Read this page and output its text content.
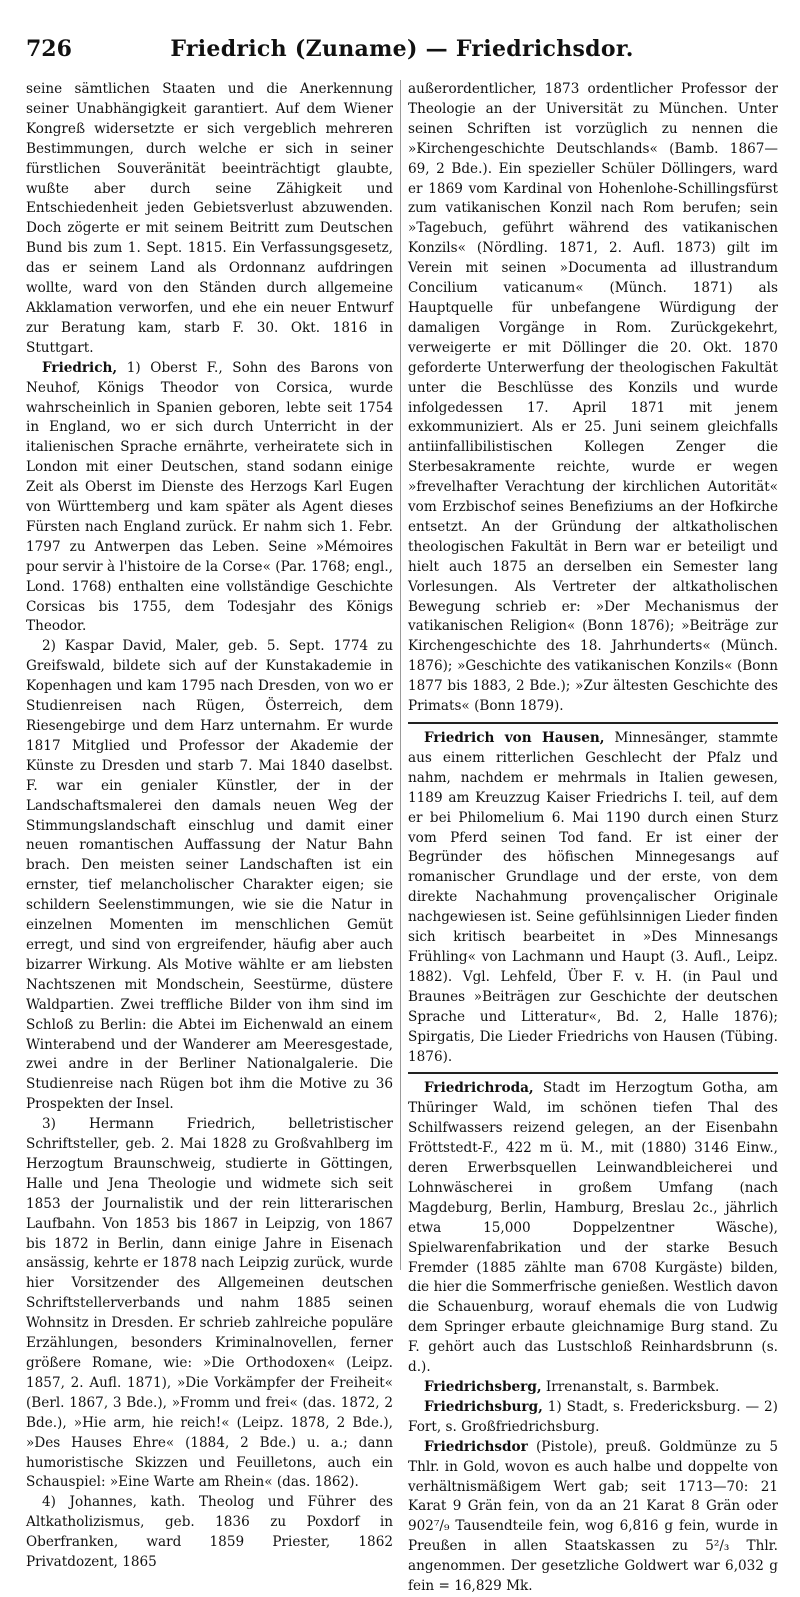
726	Friedrich (Zuname) — Friedrichsdor.

seine sämtlichen Staaten und die Anerkennung seiner Unabhängigkeit garantiert. Auf dem Wiener Kongreß widersetzte er sich vergeblich mehreren Bestimmungen, durch welche er sich in seiner fürstlichen Souveränität beeinträchtigt glaubte, wußte aber durch seine Zähigkeit und Entschiedenheit jeden Gebietsverlust abzuwenden. Doch zögerte er mit seinem Beitritt zum Deutschen Bund bis zum 1. Sept. 1815. Ein Verfassungsgesetz, das er seinem Land als Ordonnanz aufdringen wollte, ward von den Ständen durch allgemeine Akklamation verworfen, und ehe ein neuer Entwurf zur Beratung kam, starb F. 30. Okt. 1816 in Stuttgart.

Friedrich, 1) Oberst F., Sohn des Barons von Neuhof, Königs Theodor von Corsica, wurde wahrscheinlich in Spanien geboren, lebte seit 1754 in England, wo er sich durch Unterricht in der italienischen Sprache ernährte, verheiratete sich in London mit einer Deutschen, stand sodann einige Zeit als Oberst im Dienste des Herzogs Karl Eugen von Württemberg und kam später als Agent dieses Fürsten nach England zurück. Er nahm sich 1. Febr. 1797 zu Antwerpen das Leben. Seine »Mémoires pour servir à l'histoire de la Corse« (Par. 1768; engl., Lond. 1768) enthalten eine vollständige Geschichte Corsicas bis 1755, dem Todesjahr des Königs Theodor.

2) Kaspar David, Maler, geb. 5. Sept. 1774 zu Greifswald, bildete sich auf der Kunstakademie in Kopenhagen und kam 1795 nach Dresden, von wo er Studienreisen nach Rügen, Österreich, dem Riesengebirge und dem Harz unternahm. Er wurde 1817 Mitglied und Professor der Akademie der Künste zu Dresden und starb 7. Mai 1840 daselbst. F. war ein genialer Künstler, der in der Landschaftsmalerei den damals neuen Weg der Stimmungslandschaft einschlug und damit einer neuen romantischen Auffassung der Natur Bahn brach. Den meisten seiner Landschaften ist ein ernster, tief melancholischer Charakter eigen; sie schildern Seelenstimmungen, wie sie die Natur in einzelnen Momenten im menschlichen Gemüt erregt, und sind von ergreifender, häufig aber auch bizarrer Wirkung. Als Motive wählte er am liebsten Nachtszenen mit Mondschein, Seestürme, düstere Waldpartien. Zwei treffliche Bilder von ihm sind im Schloß zu Berlin: die Abtei im Eichenwald an einem Winterabend und der Wanderer am Meeresgestade, zwei andre in der Berliner Nationalgalerie. Die Studienreise nach Rügen bot ihm die Motive zu 36 Prospekten der Insel.

3) Hermann Friedrich, belletristischer Schriftsteller, geb. 2. Mai 1828 zu Großvahlberg im Herzogtum Braunschweig, studierte in Göttingen, Halle und Jena Theologie und widmete sich seit 1853 der Journalistik und der rein litterarischen Laufbahn. Von 1853 bis 1867 in Leipzig, von 1867 bis 1872 in Berlin, dann einige Jahre in Eisenach ansässig, kehrte er 1878 nach Leipzig zurück, wurde hier Vorsitzender des Allgemeinen deutschen Schriftstellerverbands und nahm 1885 seinen Wohnsitz in Dresden. Er schrieb zahlreiche populäre Erzählungen, besonders Kriminalnovellen, ferner größere Romane, wie: »Die Orthodoxen« (Leipz. 1857, 2. Aufl. 1871), »Die Vorkämpfer der Freiheit« (Berl. 1867, 3 Bde.), »Fromm und frei« (das. 1872, 2 Bde.), »Hie arm, hie reich!« (Leipz. 1878, 2 Bde.), »Des Hauses Ehre« (1884, 2 Bde.) u. a.; dann humoristische Skizzen und Feuilletons, auch ein Schauspiel: »Eine Warte am Rhein« (das. 1862).

4) Johannes, kath. Theolog und Führer des Altkatholizismus, geb. 1836 zu Poxdorf in Oberfranken, ward 1859 Priester, 1862 Privatdozent, 1865

außerordentlicher, 1873 ordentlicher Professor der Theologie an der Universität zu München. Unter seinen Schriften ist vorzüglich zu nennen die »Kirchengeschichte Deutschlands« (Bamb. 1867—69, 2 Bde.). Ein spezieller Schüler Döllingers, ward er 1869 vom Kardinal von Hohenlohe-Schillingsfürst zum vatikanischen Konzil nach Rom berufen; sein »Tagebuch, geführt während des vatikanischen Konzils« (Nördling. 1871, 2. Aufl. 1873) gilt im Verein mit seinen »Documenta ad illustrandum Concilium vaticanum« (Münch. 1871) als Hauptquelle für unbefangene Würdigung der damaligen Vorgänge in Rom. Zurückgekehrt, verweigerte er mit Döllinger die 20. Okt. 1870 geforderte Unterwerfung der theologischen Fakultät unter die Beschlüsse des Konzils und wurde infolgedessen 17. April 1871 mit jenem exkommuniziert. Als er 25. Juni seinem gleichfalls antiinfallibilistischen Kollegen Zenger die Sterbesakramente reichte, wurde er wegen »frevelhafter Verachtung der kirchlichen Autorität« vom Erzbischof seines Benefiziums an der Hofkirche entsetzt. An der Gründung der altkatholischen theologischen Fakultät in Bern war er beteiligt und hielt auch 1875 an derselben ein Semester lang Vorlesungen. Als Vertreter der altkatholischen Bewegung schrieb er: »Der Mechanismus der vatikanischen Religion« (Bonn 1876); »Beiträge zur Kirchengeschichte des 18. Jahrhunderts« (Münch. 1876); »Geschichte des vatikanischen Konzils« (Bonn 1877 bis 1883, 2 Bde.); »Zur ältesten Geschichte des Primats« (Bonn 1879).

Friedrich von Hausen, Minnesänger, stammte aus einem ritterlichen Geschlecht der Pfalz und nahm, nachdem er mehrmals in Italien gewesen, 1189 am Kreuzzug Kaiser Friedrichs I. teil, auf dem er bei Philomelium 6. Mai 1190 durch einen Sturz vom Pferd seinen Tod fand. Er ist einer der Begründer des höfischen Minnegesangs auf romanischer Grundlage und der erste, von dem direkte Nachahmung provençalischer Originale nachgewiesen ist. Seine gefühlsinnigen Lieder finden sich kritisch bearbeitet in »Des Minnesangs Frühling« von Lachmann und Haupt (3. Aufl., Leipz. 1882). Vgl. Lehfeld, Über F. v. H. (in Paul und Braunes »Beiträgen zur Geschichte der deutschen Sprache und Litteratur«, Bd. 2, Halle 1876); Spirgatis, Die Lieder Friedrichs von Hausen (Tübing. 1876).

Friedrichroda, Stadt im Herzogtum Gotha, am Thüringer Wald, im schönen tiefen Thal des Schilfwassers reizend gelegen, an der Eisenbahn Fröttstedt-F., 422 m ü. M., mit (1880) 3146 Einw., deren Erwerbsquellen Leinwandbleicherei und Lohnwäscherei in großem Umfang (nach Magdeburg, Berlin, Hamburg, Breslau 2c., jährlich etwa 15,000 Doppelzentner Wäsche), Spielwarenfabrikation und der starke Besuch Fremder (1885 zählte man 6708 Kurgäste) bilden, die hier die Sommerfrische genießen. Westlich davon die Schauenburg, worauf ehemals die von Ludwig dem Springer erbaute gleichnamige Burg stand. Zu F. gehört auch das Lustschloß Reinhardsbrunn (s. d.).

Friedrichsberg, Irrenanstalt, s. Barmbek.

Friedrichsburg, 1) Stadt, s. Fredericksburg. — 2) Fort, s. Großfriedrichsburg.

Friedrichsdor (Pistole), preuß. Goldmünze zu 5 Thlr. in Gold, wovon es auch halbe und doppelte von verhältnismäßigem Wert gab; seit 1713—70: 21 Karat 9 Grän fein, von da an 21 Karat 8 Grän oder 902⁷/₉ Tausendteile fein, wog 6,816 g fein, wurde in Preußen in allen Staatskassen zu 5²/₃ Thlr. angenommen. Der gesetzliche Goldwert war 6,032 g fein = 16,829 Mk.
